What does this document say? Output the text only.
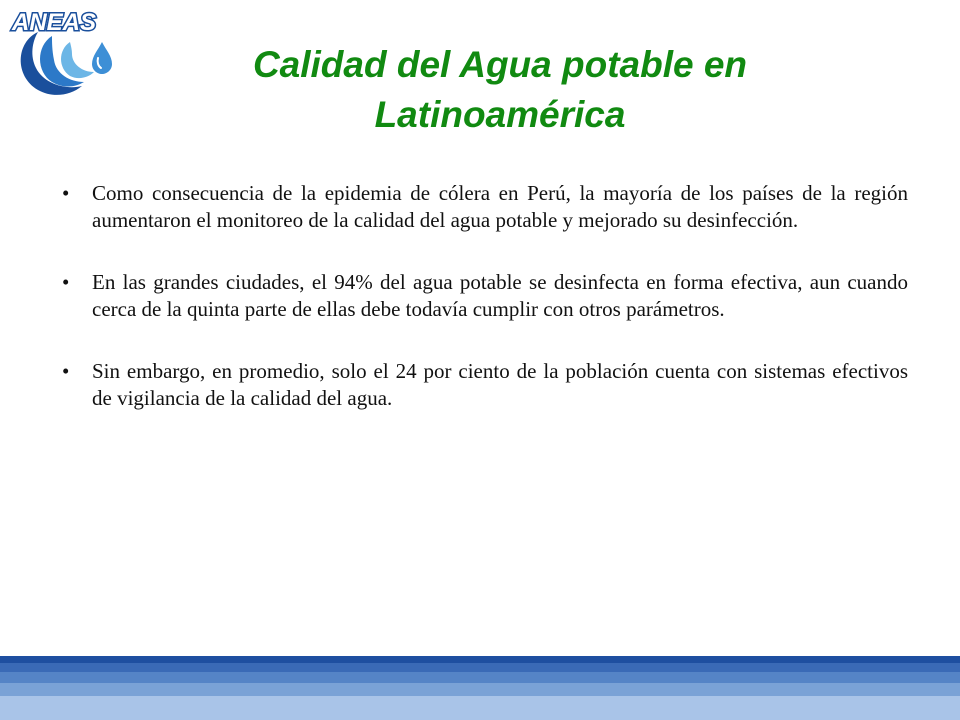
ANEAS
Calidad del Agua potable en
Latinoamérica
•	Como consecuencia de la epidemia de cólera en Perú, la mayoría de los países de la región aumentaron el monitoreo de la calidad del agua potable y mejorado su desinfección.
•	En las grandes ciudades, el 94% del agua potable se desinfecta en forma efectiva, aun cuando cerca de la quinta parte de ellas debe todavía cumplir con otros parámetros.
•	Sin embargo, en promedio, solo el 24 por ciento de la población cuenta con sistemas efectivos de vigilancia de la calidad del agua.
